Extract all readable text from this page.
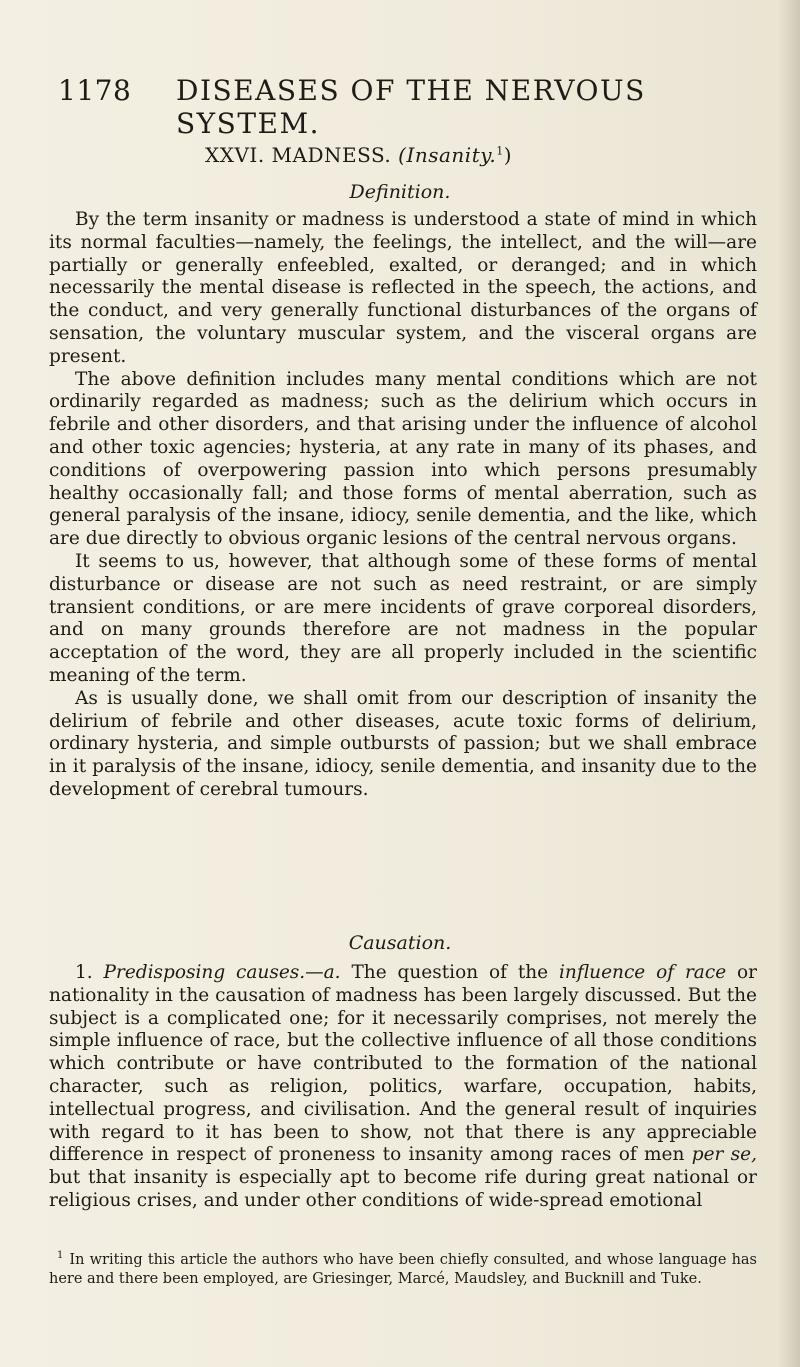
1178 DISEASES OF THE NERVOUS SYSTEM.
XXVI. MADNESS. (Insanity.$^1$)
Definition.

By the term insanity or madness is understood a state of mind in which its normal faculties—namely, the feelings, the intellect, and the will—are partially or generally enfeebled, exalted, or deranged; and in which necessarily the mental disease is reflected in the speech, the actions, and the conduct, and very generally functional disturbances of the organs of sensation, the voluntary muscular system, and the visceral organs are present.

The above definition includes many mental conditions which are not ordinarily regarded as madness; such as the delirium which occurs in febrile and other disorders, and that arising under the influence of alcohol and other toxic agencies; hysteria, at any rate in many of its phases, and conditions of overpowering passion into which persons presumably healthy occasionally fall; and those forms of mental aberration, such as general paralysis of the insane, idiocy, senile dementia, and the like, which are due directly to obvious organic lesions of the central nervous organs.

It seems to us, however, that although some of these forms of mental disturbance or disease are not such as need restraint, or are simply transient conditions, or are mere incidents of grave corporeal disorders, and on many grounds therefore are not madness in the popular acceptation of the word, they are all properly included in the scientific meaning of the term.

As is usually done, we shall omit from our description of insanity the delirium of febrile and other diseases, acute toxic forms of delirium, ordinary hysteria, and simple outbursts of passion; but we shall embrace in it paralysis of the insane, idiocy, senile dementia, and insanity due to the development of cerebral tumours.

Causation.

1. Predisposing causes.—a. The question of the influence of race or nationality in the causation of madness has been largely discussed. But the subject is a complicated one; for it necessarily comprises, not merely the simple influence of race, but the collective influence of all those conditions which contribute or have contributed to the formation of the national character, such as religion, politics, warfare, occupation, habits, intellectual progress, and civilisation. And the general result of inquiries with regard to it has been to show, not that there is any appreciable difference in respect of proneness to insanity among races of men per se, but that insanity is especially apt to become rife during great national or religious crises, and under other conditions of wide-spread emotional

$^1$ In writing this article the authors who have been chiefly consulted, and whose language has here and there been employed, are Griesinger, Marcé, Maudsley, and Bucknill and Tuke.
